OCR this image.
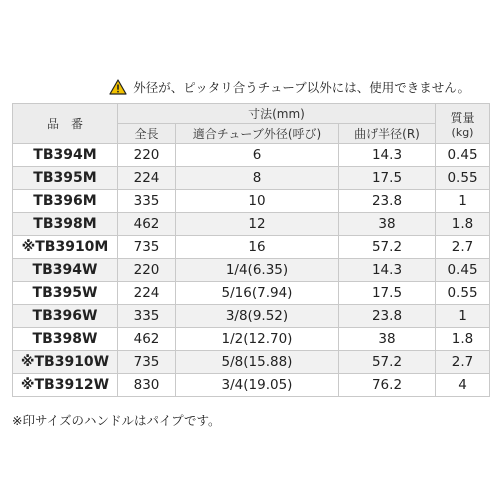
外径が、ピッタリ合うチューブ以外には、使用できません。
品　番	寸法(mm)			質量
(kg)

	全長	適合チューブ外径(呼び)	曲げ半径(R)	
TB394M	220	6	14.3	0.45
TB395M	224	8	17.5	0.55
TB396M	335	10	23.8	1
TB398M	462	12	38	1.8
※TB3910M	735	16	57.2	2.7
TB394W	220	1/4(6.35)	14.3	0.45
TB395W	224	5/16(7.94)	17.5	0.55
TB396W	335	3/8(9.52)	23.8	1
TB398W	462	1/2(12.70)	38	1.8
※TB3910W	735	5/8(15.88)	57.2	2.7
※TB3912W	830	3/4(19.05)	76.2	4
※印サイズのハンドルはパイプです。
